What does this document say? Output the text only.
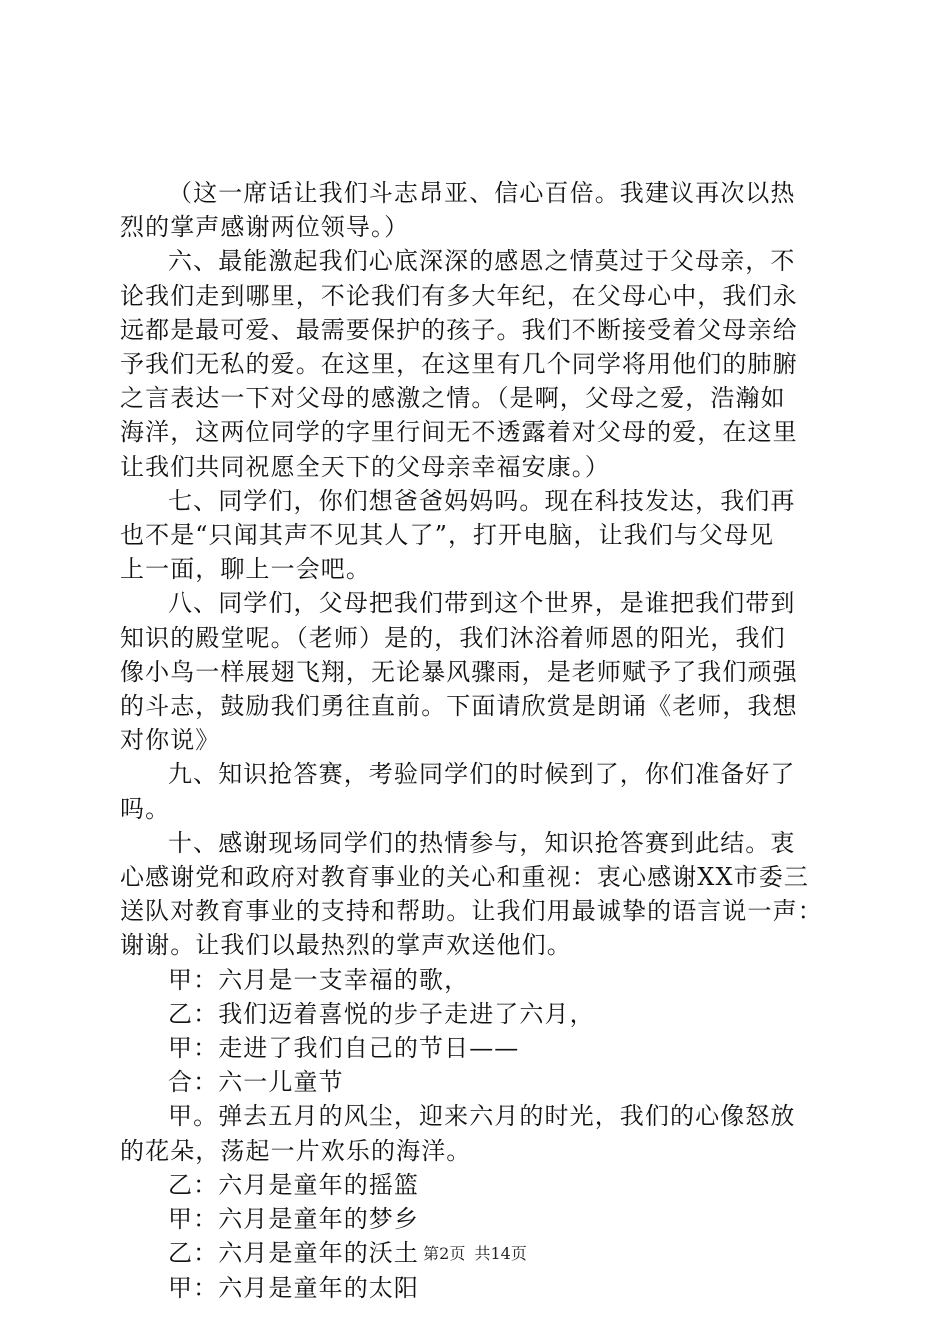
（这一席话让我们斗志昂亚、信心百倍。我建议再次以热
烈的掌声感谢两位领导。）
六、最能激起我们心底深深的感恩之情莫过于父母亲，不
论我们走到哪里，不论我们有多大年纪，在父母心中，我们永
远都是最可爱、最需要保护的孩子。我们不断接受着父母亲给
予我们无私的爱。在这里，在这里有几个同学将用他们的肺腑
之言表达一下对父母的感激之情。（是啊，父母之爱，浩瀚如
海洋，这两位同学的字里行间无不透露着对父母的爱，在这里
让我们共同祝愿全天下的父母亲幸福安康。）
七、同学们，你们想爸爸妈妈吗。现在科技发达，我们再
也不是“只闻其声不见其人了”，打开电脑，让我们与父母见
上一面，聊上一会吧。
八、同学们，父母把我们带到这个世界，是谁把我们带到
知识的殿堂呢。（老师）是的，我们沐浴着师恩的阳光，我们
像小鸟一样展翅飞翔，无论暴风骤雨，是老师赋予了我们顽强
的斗志，鼓励我们勇往直前。下面请欣赏是朗诵《老师，我想
对你说》
九、知识抢答赛，考验同学们的时候到了，你们准备好了
吗。
十、感谢现场同学们的热情参与，知识抢答赛到此结。衷
心感谢党和政府对教育事业的关心和重视：衷心感谢XX市委三
送队对教育事业的支持和帮助。让我们用最诚挚的语言说一声：
谢谢。让我们以最热烈的掌声欢送他们。
甲：六月是一支幸福的歌，
乙：我们迈着喜悦的步子走进了六月，
甲：走进了我们自己的节日——
合：六一儿童节
甲。弹去五月的风尘，迎来六月的时光，我们的心像怒放
的花朵，荡起一片欢乐的海洋。
乙：六月是童年的摇篮
甲：六月是童年的梦乡
乙：六月是童年的沃土
甲：六月是童年的太阳
第2页 共14页
